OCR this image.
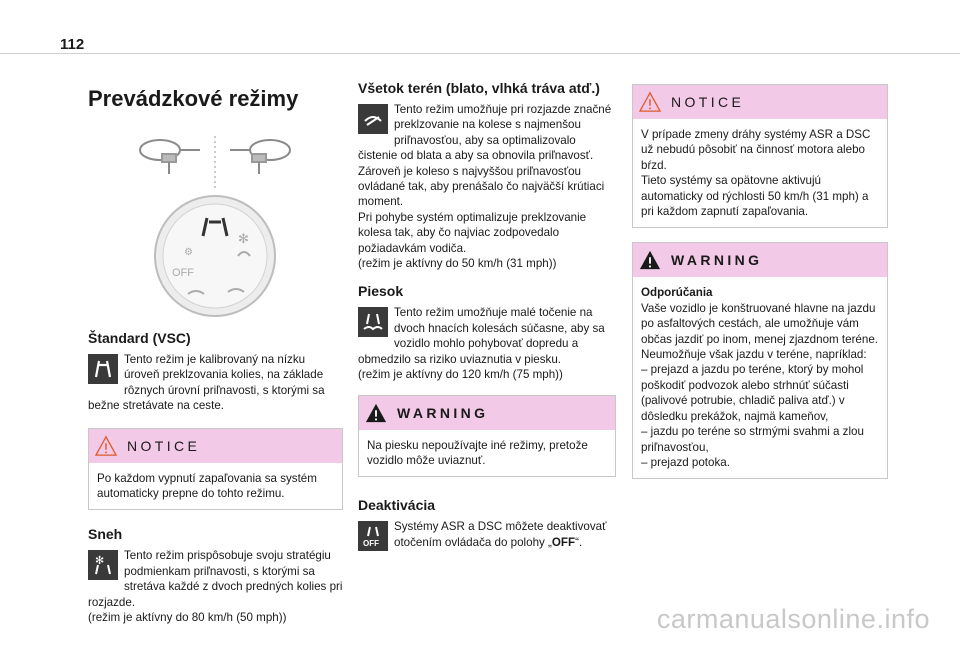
112
Prevádzkové režimy
⚙
OFF
✻
Štandard (VSC)
Tento režim je kalibrovaný na nízku úroveň preklzovania kolies, na základe rôznych úrovní priľnavosti, s ktorými sa bežne stretávate na ceste.
NOTICE
Po každom vypnutí zapaľovania sa systém automaticky prepne do tohto režimu.
Sneh
✻ Tento režim prispôsobuje svoju stratégiu podmienkam priľnavosti, s ktorými sa stretáva každé z dvoch predných kolies pri rozjazde.
(režim je aktívny do 80 km/h (50 mph))
Všetok terén (blato, vlhká tráva atď.)
Tento režim umožňuje pri rozjazde značné preklzovanie na kolese s najmenšou priľnavosťou, aby sa optimalizovalo čistenie od blata a aby sa obnovila priľnavosť.
Zároveň je koleso s najvyššou priľnavosťou ovládané tak, aby prenášalo čo najväčší krútiaci moment.
Pri pohybe systém optimalizuje preklzovanie kolesa tak, aby čo najviac zodpovedalo požiadavkám vodiča.
(režim je aktívny do 50 km/h (31 mph))
Piesok
Tento režim umožňuje malé točenie na dvoch hnacích kolesách súčasne, aby sa vozidlo mohlo pohybovať dopredu a obmedzilo sa riziko uviaznutia v piesku.
(režim je aktívny do 120 km/h (75 mph))
WARNING
Na piesku nepoužívajte iné režimy, pretože vozidlo môže uviaznuť.
Deaktivácia
OFF
Systémy ASR a DSC môžete deaktivovať otočením ovládača do polohy „OFF“.
NOTICE
V prípade zmeny dráhy systémy ASR a DSC už nebudú pôsobiť na činnosť motora alebo bŕzd.
Tieto systémy sa opätovne aktivujú automaticky od rýchlosti 50 km/h (31 mph) a pri každom zapnutí zapaľovania.
WARNING
Odporúčania
Vaše vozidlo je konštruované hlavne na jazdu po asfaltových cestách, ale umožňuje vám občas jazdiť po inom, menej zjazdnom teréne.
Neumožňuje však jazdu v teréne, napríklad:
– prejazd a jazdu po teréne, ktorý by mohol poškodiť podvozok alebo strhnúť súčasti (palivové potrubie, chladič paliva atď.) v dôsledku prekážok, najmä kameňov,
– jazdu po teréne so strmými svahmi a zlou priľnavosťou,
– prejazd potoka.
carmanualsonline.info
